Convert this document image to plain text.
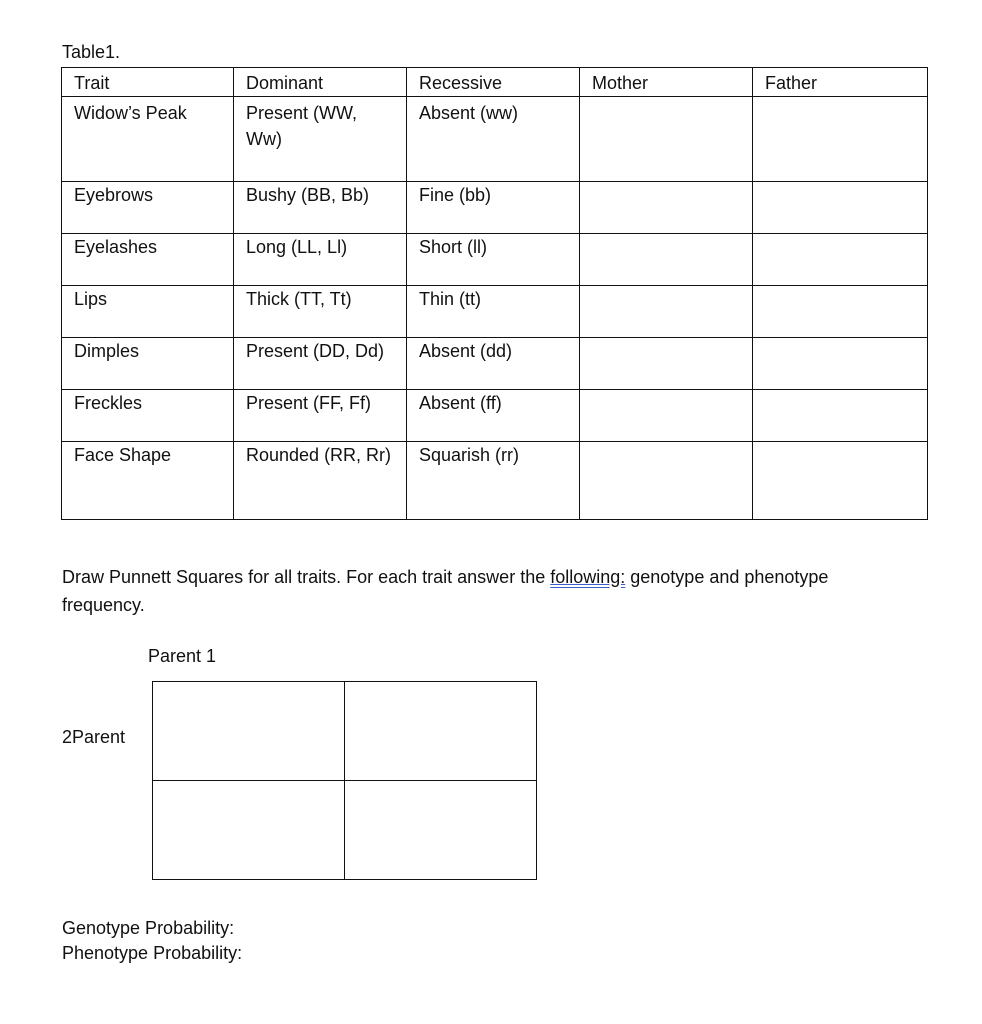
Table1.
Trait	Dominant	Recessive	Mother	Father
Widow’s Peak	Present (WW, Ww)	Absent (ww)		
Eyebrows	Bushy (BB, Bb)	Fine (bb)		
Eyelashes	Long (LL, Ll)	Short (ll)		
Lips	Thick (TT, Tt)	Thin (tt)		
Dimples	Present (DD, Dd)	Absent (dd)		
Freckles	Present (FF, Ff)	Absent (ff)		
Face Shape	Rounded (RR, Rr)	Squarish (rr)		
Draw Punnett Squares for all traits. For each trait answer the following: genotype and phenotype frequency.
Parent 1
2Parent

Genotype Probability:
Phenotype Probability:
